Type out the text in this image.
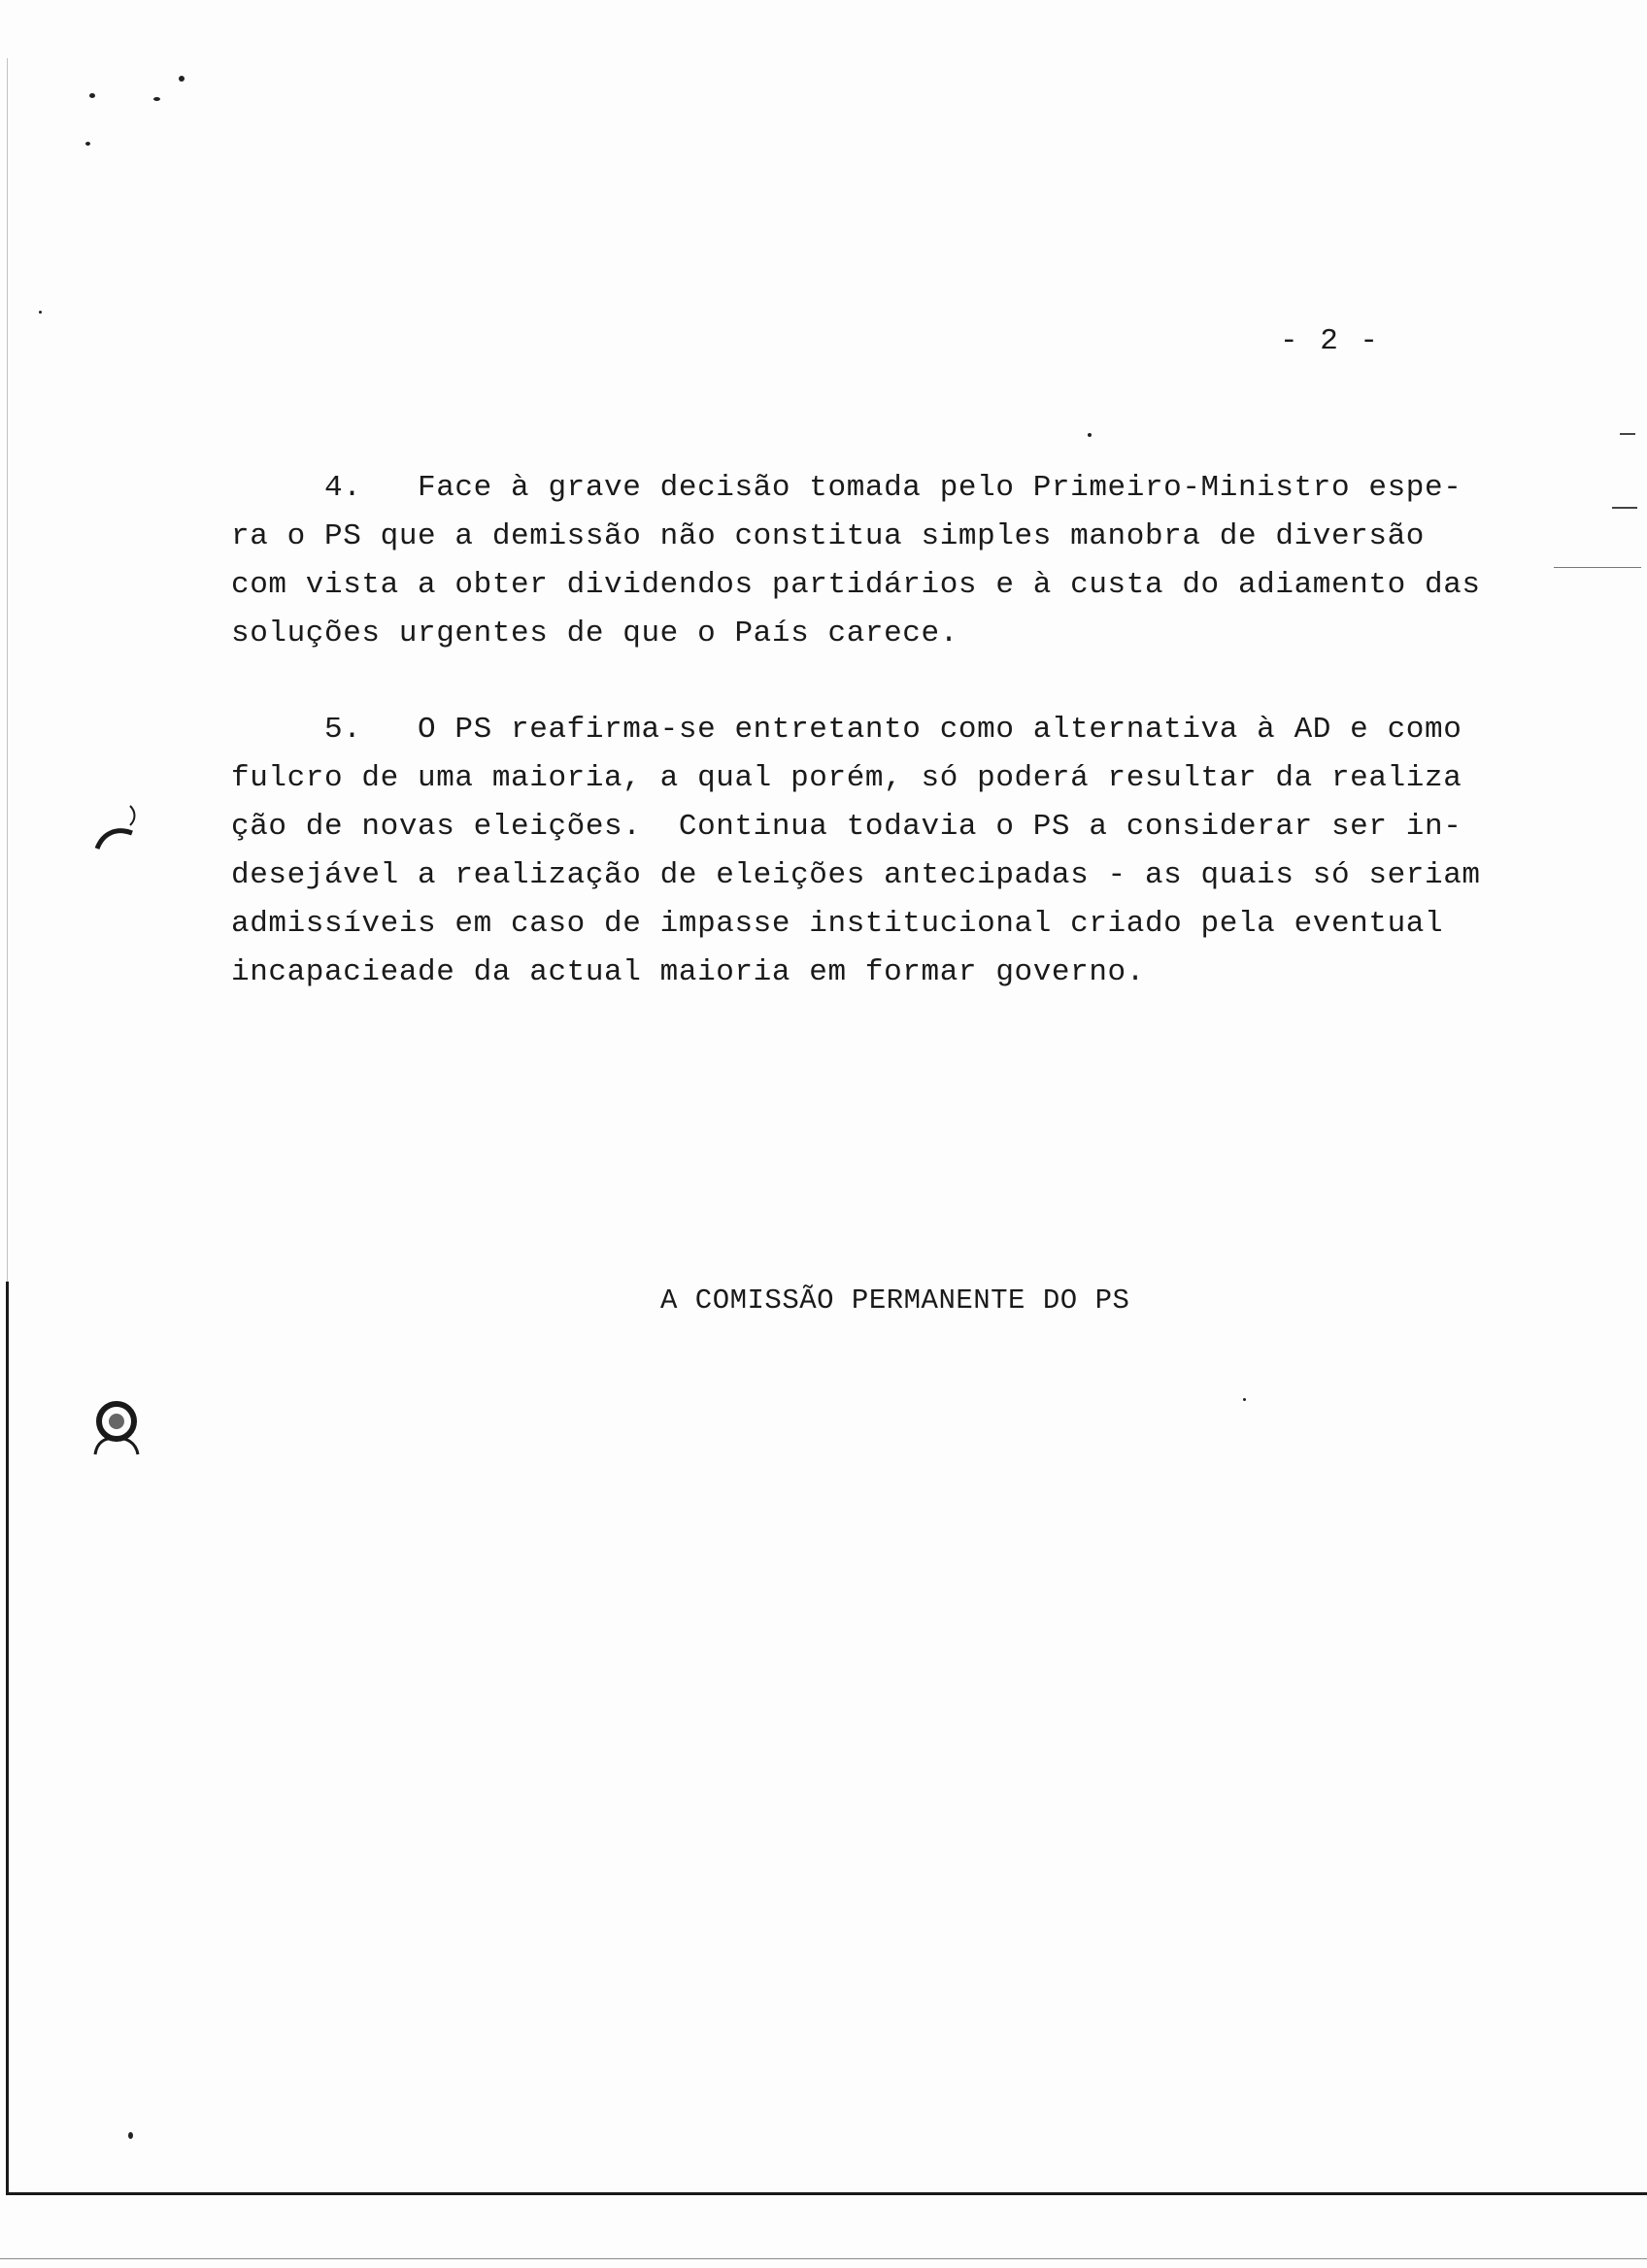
- 2 -
4.   Face à grave decisão tomada pelo Primeiro-Ministro espe-
ra o PS que a demissão não constitua simples manobra de diversão
com vista a obter dividendos partidários e à custa do adiamento das
soluções urgentes de que o País carece.
5.   O PS reafirma-se entretanto como alternativa à AD e como
fulcro de uma maioria, a qual porém, só poderá resultar da realiza
ção de novas eleições.  Continua todavia o PS a considerar ser in-
desejável a realização de eleições antecipadas - as quais só seriam
admissíveis em caso de impasse institucional criado pela eventual
incapacieade da actual maioria em formar governo.
A COMISSÃO PERMANENTE DO PS
